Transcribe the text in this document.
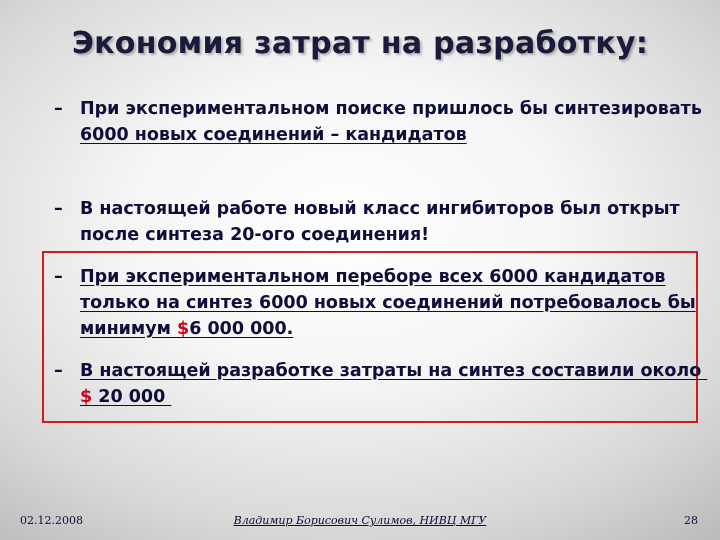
Экономия затрат на разработку:
– При экспериментальном поиске пришлось бы синтезировать 6000 новых соединений – кандидатов
– В настоящей работе новый класс ингибиторов был открыт после синтеза 20-ого соединения!
– При экспериментальном переборе всех 6000 кандидатов только на синтез 6000 новых соединений потребовалось бы минимум $6 000 000.
– В настоящей разработке затраты на синтез составили около $ 20 000
02.12.2008	Владимир Борисович Сулимов, НИВЦ МГУ	28
